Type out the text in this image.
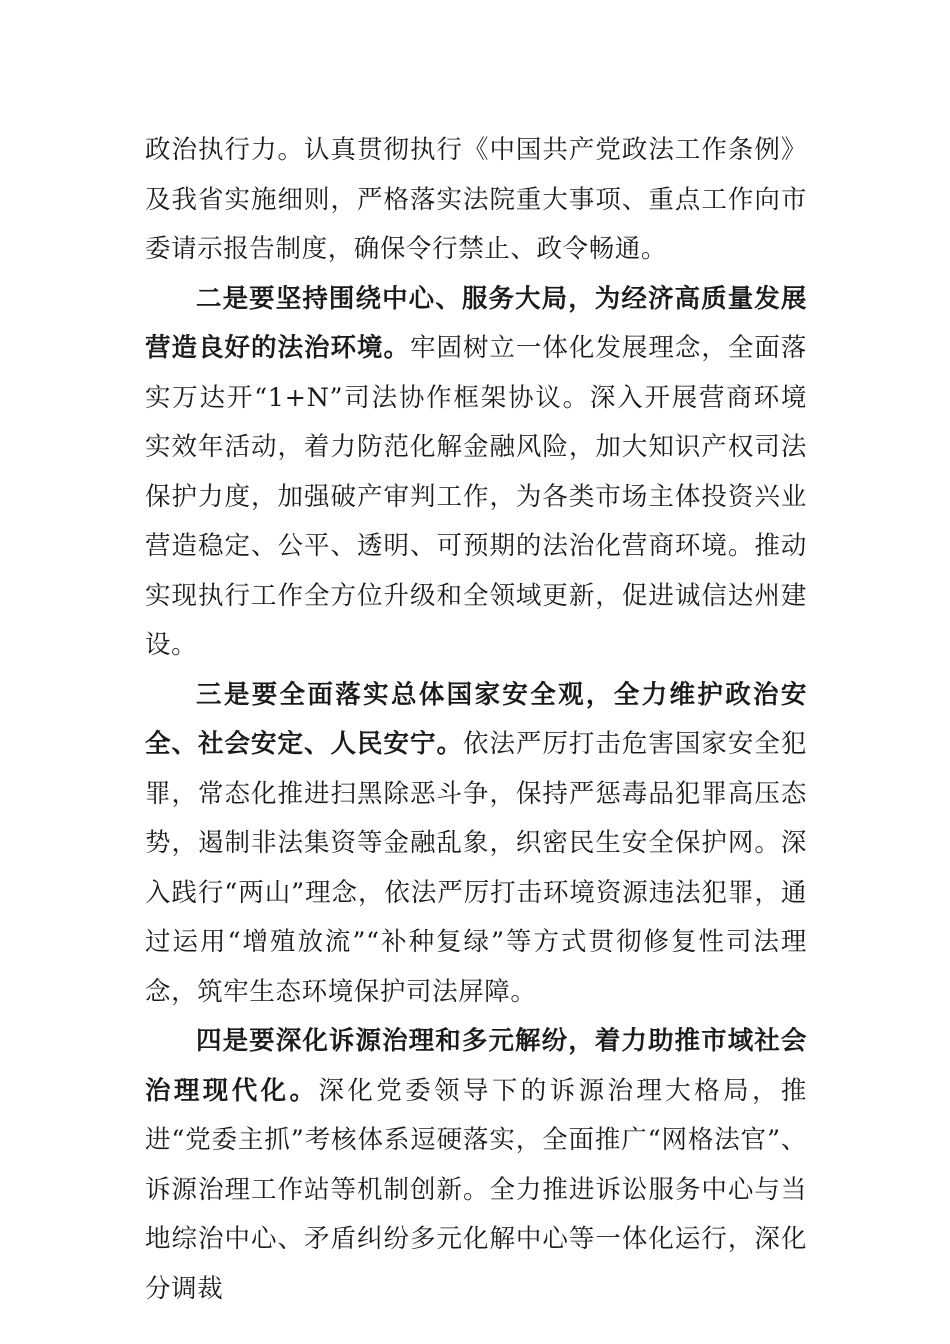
政治执行力。认真贯彻执行《中国共产党政法工作条例》及我省实施细则，严格落实法院重大事项、重点工作向市委请示报告制度，确保令行禁止、政令畅通。

二是要坚持围绕中心、服务大局，为经济高质量发展营造良好的法治环境。牢固树立一体化发展理念，全面落实万达开“1+N”司法协作框架协议。深入开展营商环境实效年活动，着力防范化解金融风险，加大知识产权司法保护力度，加强破产审判工作，为各类市场主体投资兴业营造稳定、公平、透明、可预期的法治化营商环境。推动实现执行工作全方位升级和全领域更新，促进诚信达州建设。

三是要全面落实总体国家安全观，全力维护政治安全、社会安定、人民安宁。依法严厉打击危害国家安全犯罪，常态化推进扫黑除恶斗争，保持严惩毒品犯罪高压态势，遏制非法集资等金融乱象，织密民生安全保护网。深入践行“两山”理念，依法严厉打击环境资源违法犯罪，通过运用“增殖放流”“补种复绿”等方式贯彻修复性司法理念，筑牢生态环境保护司法屏障。

四是要深化诉源治理和多元解纷，着力助推市域社会治理现代化。深化党委领导下的诉源治理大格局，推进“党委主抓”考核体系逗硬落实，全面推广“网格法官”、诉源治理工作站等机制创新。全力推进诉讼服务中心与当地综治中心、矛盾纠纷多元化解中心等一体化运行，深化分调裁
